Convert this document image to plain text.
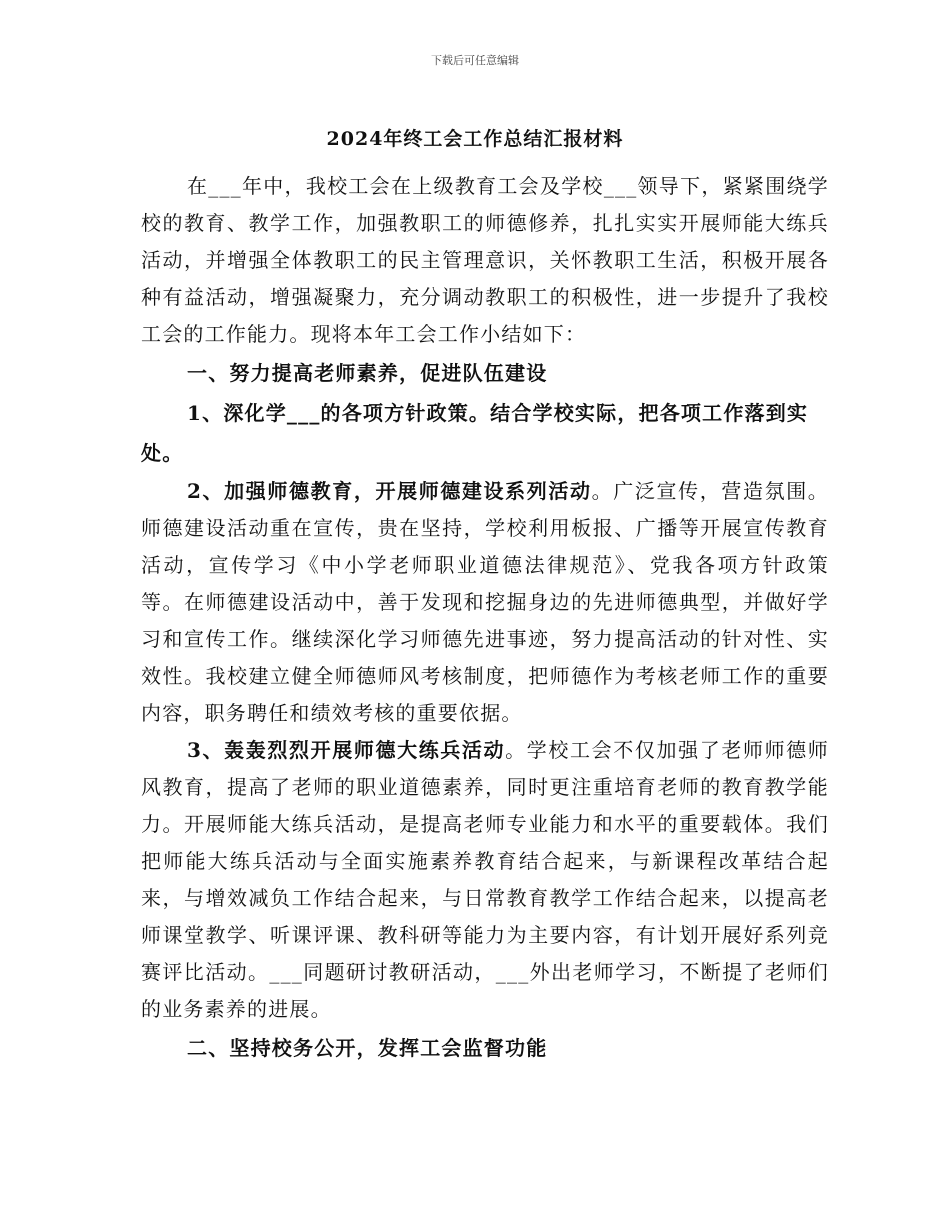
下载后可任意编辑
2024年终工会工作总结汇报材料

在___年中，我校工会在上级教育工会及学校___领导下，紧紧围绕学校的教育、教学工作，加强教职工的师德修养，扎扎实实开展师能大练兵活动，并增强全体教职工的民主管理意识，关怀教职工生活，积极开展各种有益活动，增强凝聚力，充分调动教职工的积极性，进一步提升了我校工会的工作能力。现将本年工会工作小结如下：

一、努力提高老师素养，促进队伍建设

1、深化学___的各项方针政策。结合学校实际，把各项工作落到实处。

2、加强师德教育，开展师德建设系列活动。广泛宣传，营造氛围。师德建设活动重在宣传，贵在坚持，学校利用板报、广播等开展宣传教育活动，宣传学习《中小学老师职业道德法律规范》、党我各项方针政策等。在师德建设活动中，善于发现和挖掘身边的先进师德典型，并做好学习和宣传工作。继续深化学习师德先进事迹，努力提高活动的针对性、实效性。我校建立健全师德师风考核制度，把师德作为考核老师工作的重要内容，职务聘任和绩效考核的重要依据。

3、轰轰烈烈开展师德大练兵活动。学校工会不仅加强了老师师德师风教育，提高了老师的职业道德素养，同时更注重培育老师的教育教学能力。开展师能大练兵活动，是提高老师专业能力和水平的重要载体。我们把师能大练兵活动与全面实施素养教育结合起来，与新课程改革结合起来，与增效减负工作结合起来，与日常教育教学工作结合起来，以提高老师课堂教学、听课评课、教科研等能力为主要内容，有计划开展好系列竞赛评比活动。___同题研讨教研活动，___外出老师学习，不断提了老师们的业务素养的进展。

二、坚持校务公开，发挥工会监督功能
